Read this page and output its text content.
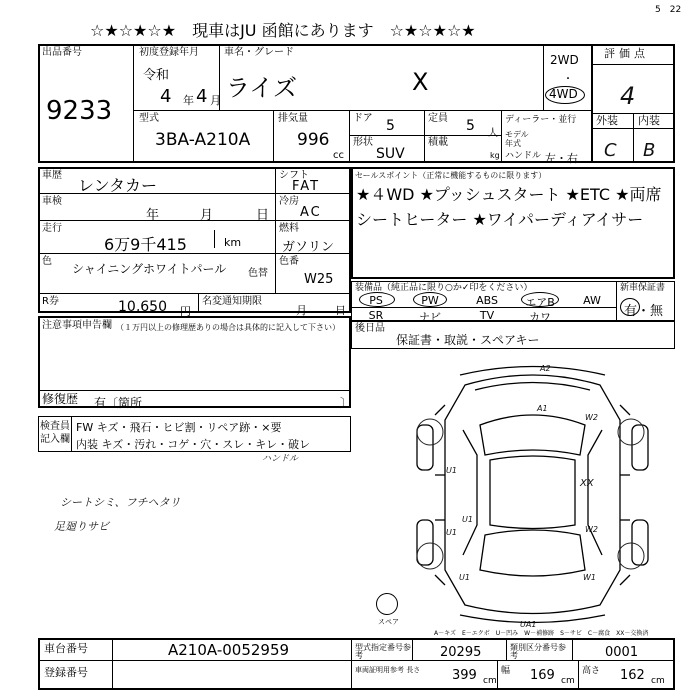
☆★☆★☆★　現車はJU 函館にあります　☆★☆★☆★
5　22
出品番号
9233
初度登録年月
令和
4 年 4 月
車名・グレード
ライズ	X
2WD
・
4WD
評価点
4
外装 内装
C B
型式
3BA-A210A
排気量
996
cc
ドア 5	定員 5 人
形状
SUV
積載
kg
ディーラー・並行
モデル年式
ハンドル 左・右
車歴
レンタカー
シフト
FAT
車検
年	月	日
冷房
AC
走行
6万9千415	km
燃料
ガソリン
色
シャイニングホワイトパール	色替
色番
W25
R券	10,650 円
名変通知期限
月	日
注意事項申告欄 （１万円以上の修理歴ありの場合は具体的に記入して下さい）
修復歴 有〔箇所	〕
検査員
記入欄
FW キズ・飛石・ヒビ割・リペア跡・×要
内装 キズ・汚れ・コゲ・穴・スレ・キレ・破レ
ハンドル
シートシミ、フチヘタリ
足廻りサビ
セールスポイント（正常に機能するものに限ります）
★４WD ★プッシュスタート ★ETC ★両席シートヒーター ★ワイパーディアイサー
装備品（純正品に限り○か✓印をください）
PS	PW	ABS	エアB	AW
SR	ナビ	TV	カワ
新車保証書
有・無
後日品
保証書・取説・スペアキー
A2
A1
W2
U1
XX
U1	W2
U1	W1
U1
UA1
スペア
A－キズ　E－エクボ　U－凹み　W－補修跡　S－サビ　C－腐食　XX－交換済
車台番号	A210A-0052959
登録番号
型式指定番号参考	20295	類別区分番号参考	0001
車両証明用参考 長さ	399 cm
幅 169 cm
高さ 162 cm
